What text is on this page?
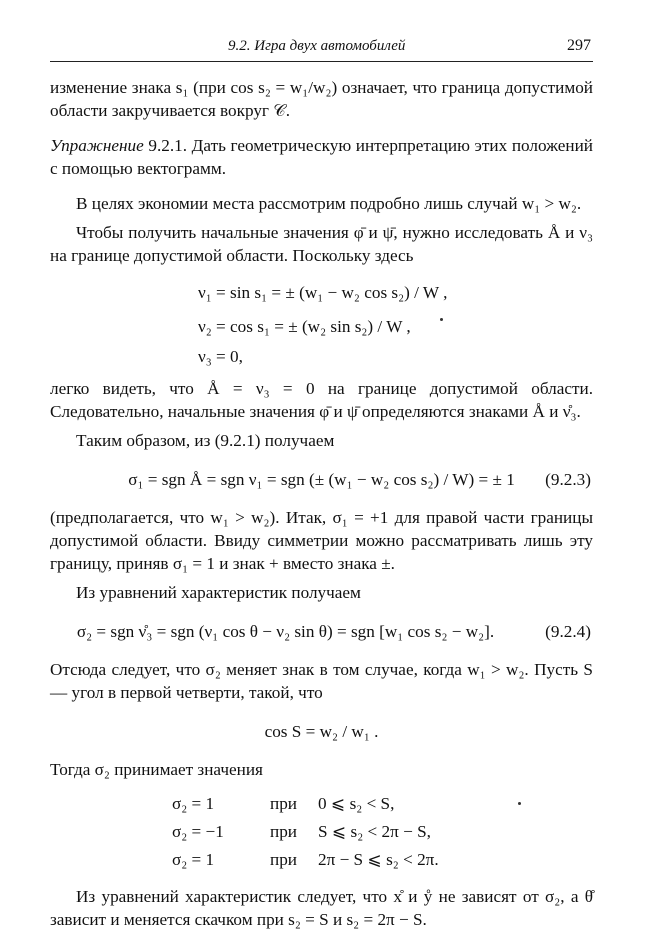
9.2. Игра двух автомобилей	297

изменение знака s₁ (при cos s₂ = w₁/w₂) означает, что граница допустимой области закручивается вокруг 𝒞.

Упражнение 9.2.1. Дать геометрическую интерпретацию этих положений с помощью вектограмм.

В целях экономии места рассмотрим подробно лишь случай w₁ > w₂.

Чтобы получить начальные значения φ̄ и ψ̄, нужно исследовать Å и ν₃ на границе допустимой области. Поскольку здесь

ν₁ = sin s₁ = ± (w₁ − w₂ cos s₂) / W ,
ν₂ = cos s₁ = ± (w₂ sin s₂) / W ,
ν₃ = 0,

легко видеть, что Å = ν₃ = 0 на границе допустимой области. Следовательно, начальные значения φ̄ и ψ̄ определяются знаками Å и ν̊₃.

Таким образом, из (9.2.1) получаем

σ₁ = sgn Å = sgn ν₁ = sgn (± (w₁ − w₂ cos s₂) / W) = ± 1 (9.2.3)

(предполагается, что w₁ > w₂). Итак, σ₁ = +1 для правой части границы допустимой области. Ввиду симметрии можно рассматривать лишь эту границу, приняв σ₁ = 1 и знак + вместо знака ±.

Из уравнений характеристик получаем

σ₂ = sgn ν̊₃ = sgn (ν₁ cos θ − ν₂ sin θ) = sgn [w₁ cos s₂ − w₂].	(9.2.4)

Отсюда следует, что σ₂ меняет знак в том случае, когда w₁ > w₂. Пусть S — угол в первой четверти, такой, что

cos S = w₂ / w₁ .

Тогда σ₂ принимает значения

σ₂ = 1	при	0 ⩽ s₂ < S,
σ₂ = −1	при	S ⩽ s₂ < 2π − S,
σ₂ = 1	при	2π − S ⩽ s₂ < 2π.

Из уравнений характеристик следует, что x̊ и ẙ не зависят от σ₂, а θ̊ зависит и меняется скачком при s₂ = S и s₂ = 2π − S.
